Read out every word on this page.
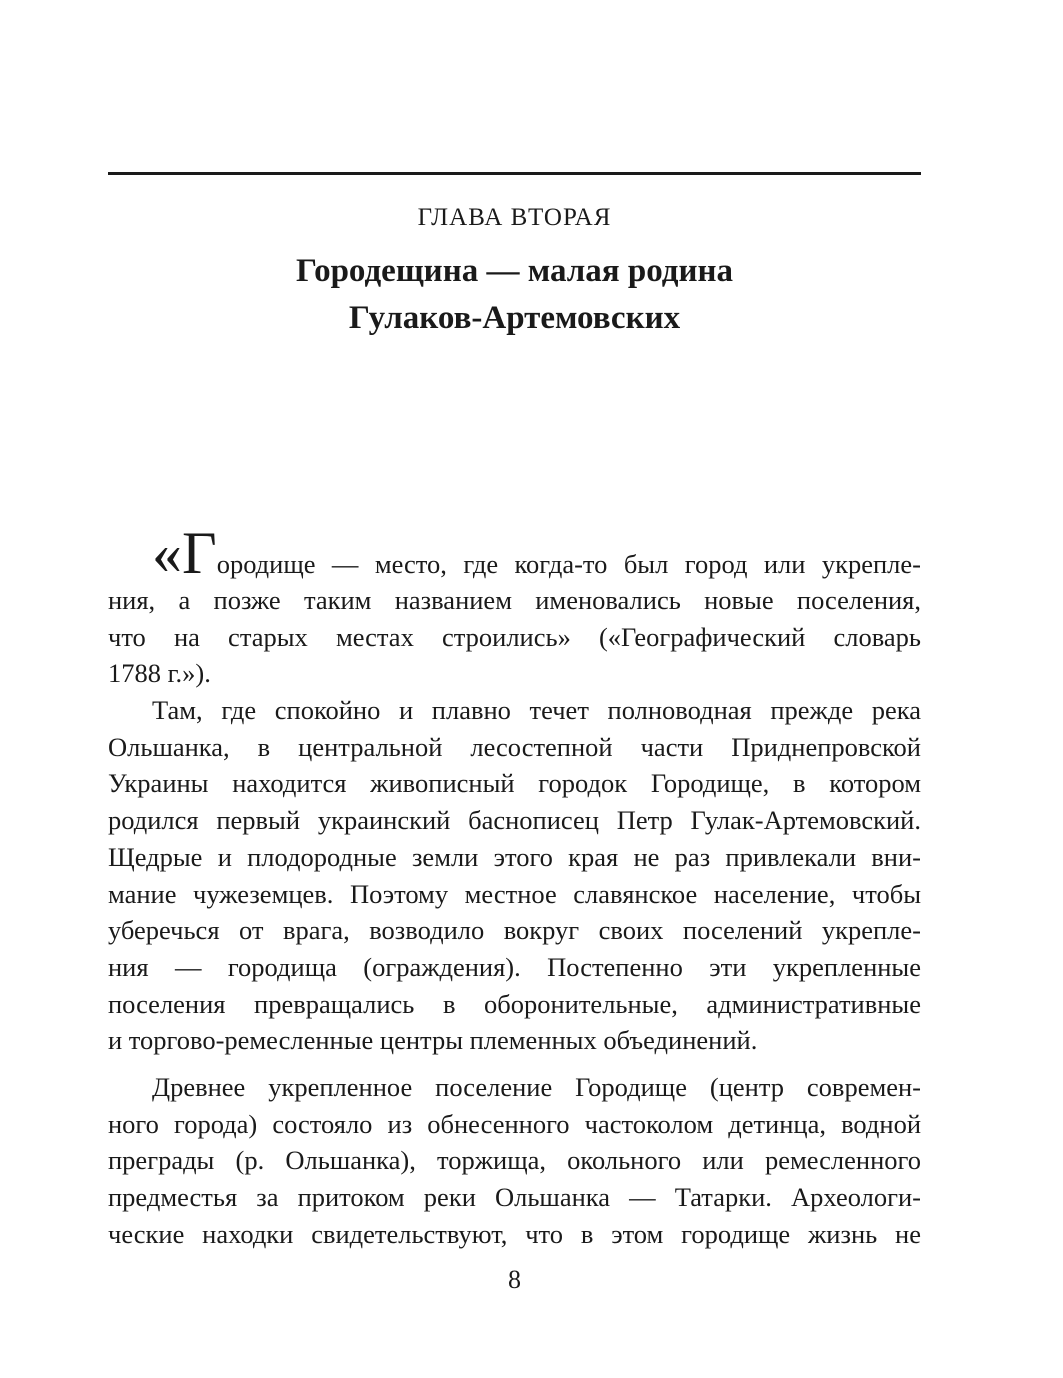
ГЛАВА ВТОРАЯ
Городещина — малая родина
Гулаков-Артемовских
«Городище — место, где когда-то был город или укрепле-
ния, а позже таким названием именовались новые поселения,
что на старых местах строились» («Географический словарь
1788 г.»).
Там, где спокойно и плавно течет полноводная прежде река
Ольшанка, в центральной лесостепной части Приднепровской
Украины находится живописный городок Городище, в котором
родился первый украинский баснописец Петр Гулак-Артемовский.
Щедрые и плодородные земли этого края не раз привлекали вни-
мание чужеземцев. Поэтому местное славянское население, чтобы
уберечься от врага, возводило вокруг своих поселений укрепле-
ния — городища (ограждения). Постепенно эти укрепленные
поселения превращались в оборонительные, административные
и торгово-ремесленные центры племенных объединений.
Древнее укрепленное поселение Городище (центр современ-
ного города) состояло из обнесенного частоколом детинца, водной
преграды (р. Ольшанка), торжища, окольного или ремесленного
предместья за притоком реки Ольшанка — Татарки. Археологи-
ческие находки свидетельствуют, что в этом городище жизнь не
8
